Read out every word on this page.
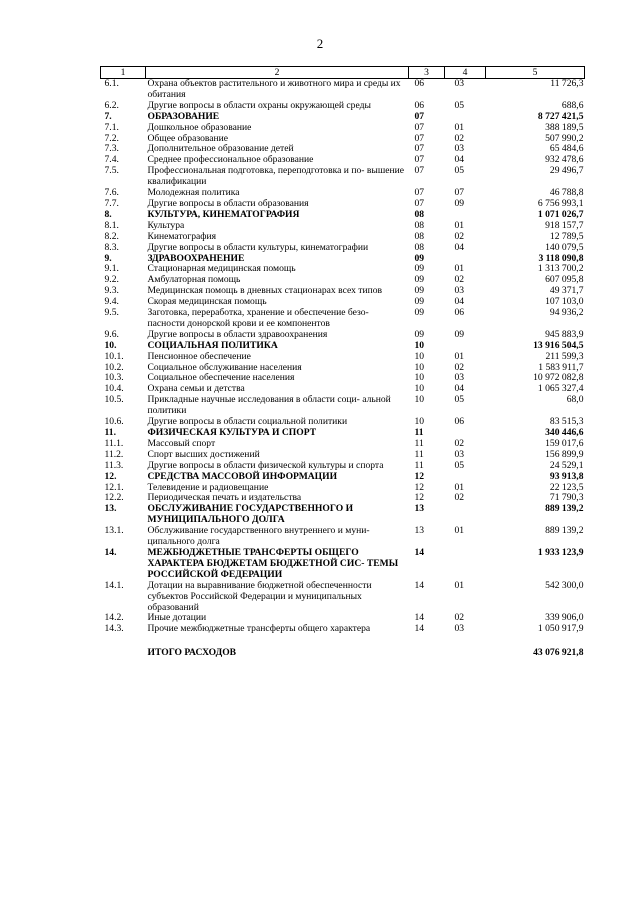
2
1	2	3	4	5
6.1.	Охрана объектов растительного и животного мира и среды их обитания	06	03	11 726,3
6.2.	Другие вопросы в области охраны окружающей среды	06	05	688,6
7.	ОБРАЗОВАНИЕ	07		8 727 421,5
7.1.	Дошкольное образование	07	01	388 189,5
7.2.	Общее образование	07	02	507 990,2
7.3.	Дополнительное образование детей	07	03	65 484,6
7.4.	Среднее профессиональное образование	07	04	932 478,6
7.5.	Профессиональная подготовка, переподготовка и по- вышение квалификации	07	05	29 496,7
7.6.	Молодежная политика	07	07	46 788,8
7.7.	Другие вопросы в области образования	07	09	6 756 993,1
8.	КУЛЬТУРА, КИНЕМАТОГРАФИЯ	08		1 071 026,7
8.1.	Культура	08	01	918 157,7
8.2.	Кинематография	08	02	12 789,5
8.3.	Другие вопросы в области культуры, кинематографии	08	04	140 079,5
9.	ЗДРАВООХРАНЕНИЕ	09		3 118 090,8
9.1.	Стационарная медицинская помощь	09	01	1 313 700,2
9.2.	Амбулаторная помощь	09	02	607 095,8
9.3.	Медицинская помощь в дневных стационарах всех типов	09	03	49 371,7
9.4.	Скорая медицинская помощь	09	04	107 103,0
9.5.	Заготовка, переработка, хранение и обеспечение безо- пасности донорской крови и ее компонентов	09	06	94 936,2
9.6.	Другие вопросы в области здравоохранения	09	09	945 883,9
10.	СОЦИАЛЬНАЯ ПОЛИТИКА	10		13 916 504,5
10.1.	Пенсионное обеспечение	10	01	211 599,3
10.2.	Социальное обслуживание населения	10	02	1 583 911,7
10.3.	Социальное обеспечение населения	10	03	10 972 082,8
10.4.	Охрана семьи и детства	10	04	1 065 327,4
10.5.	Прикладные научные исследования в области соци- альной политики	10	05	68,0
10.6.	Другие вопросы в области социальной политики	10	06	83 515,3
11.	ФИЗИЧЕСКАЯ КУЛЬТУРА И СПОРТ	11		340 446,6
11.1.	Массовый спорт	11	02	159 017,6
11.2.	Спорт высших достижений	11	03	156 899,9
11.3.	Другие вопросы в области физической культуры и спорта	11	05	24 529,1
12.	СРЕДСТВА МАССОВОЙ ИНФОРМАЦИИ	12		93 913,8
12.1.	Телевидение и радиовещание	12	01	22 123,5
12.2.	Периодическая печать и издательства	12	02	71 790,3
13.	ОБСЛУЖИВАНИЕ ГОСУДАРСТВЕННОГО И МУНИЦИПАЛЬНОГО ДОЛГА	13		889 139,2
13.1.	Обслуживание государственного внутреннего и муни- ципального долга	13	01	889 139,2
14.	МЕЖБЮДЖЕТНЫЕ ТРАНСФЕРТЫ ОБЩЕГО ХАРАКТЕРА БЮДЖЕТАМ БЮДЖЕТНОЙ СИС- ТЕМЫ РОССИЙСКОЙ ФЕДЕРАЦИИ	14		1 933 123,9
14.1.	Дотации на выравнивание бюджетной обеспеченности субъектов Российской Федерации и муниципальных образований	14	01	542 300,0
14.2.	Иные дотации	14	02	339 906,0
14.3.	Прочие межбюджетные трансферты общего характера	14	03	1 050 917,9

	ИТОГО РАСХОДОВ			43 076 921,8
